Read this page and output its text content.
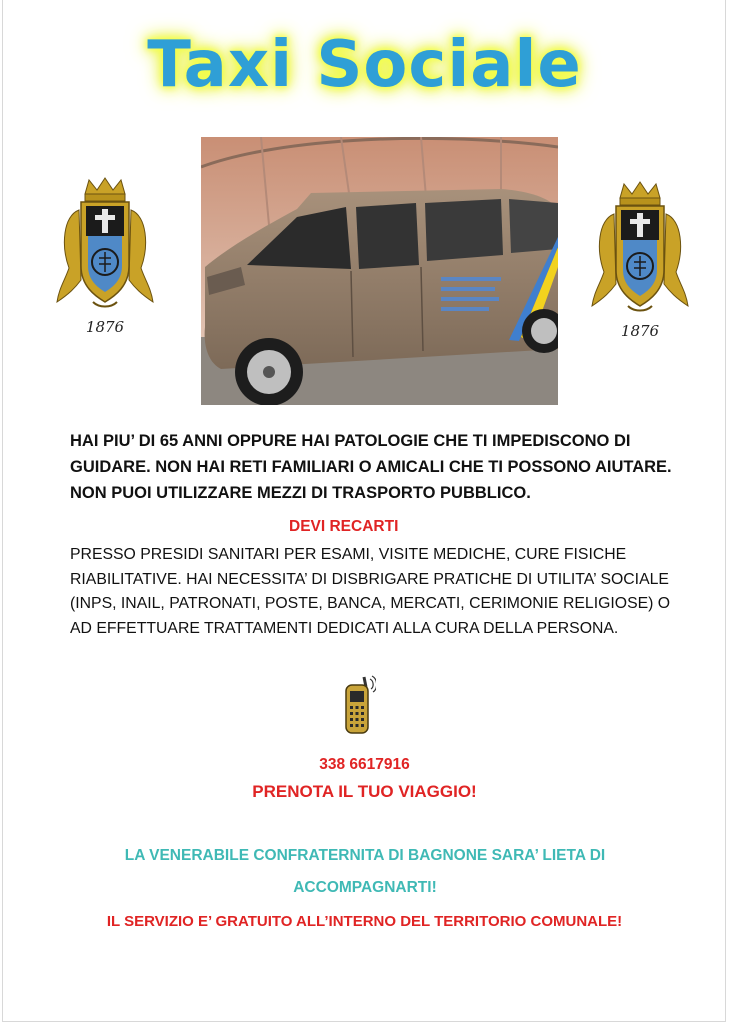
Taxi Sociale
1876	1876
HAI PIU’ DI 65 ANNI OPPURE HAI PATOLOGIE CHE TI IMPEDISCONO DI GUIDARE. NON HAI RETI FAMILIARI O AMICALI CHE TI POSSONO AIUTARE. NON PUOI UTILIZZARE MEZZI DI TRASPORTO PUBBLICO.
DEVI RECARTI
PRESSO PRESIDI SANITARI PER ESAMI, VISITE MEDICHE, CURE FISICHE RIABILITATIVE. HAI NECESSITA’ DI DISBRIGARE PRATICHE DI UTILITA’ SOCIALE (INPS, INAIL, PATRONATI, POSTE, BANCA, MERCATI, CERIMONIE RELIGIOSE) O AD EFFETTUARE TRATTAMENTI DEDICATI ALLA CURA DELLA PERSONA.
338 6617916
PRENOTA IL TUO VIAGGIO!
LA VENERABILE CONFRATERNITA DI BAGNONE SARA’ LIETA DI ACCOMPAGNARTI!
IL SERVIZIO E’ GRATUITO ALL’INTERNO DEL TERRITORIO COMUNALE!
